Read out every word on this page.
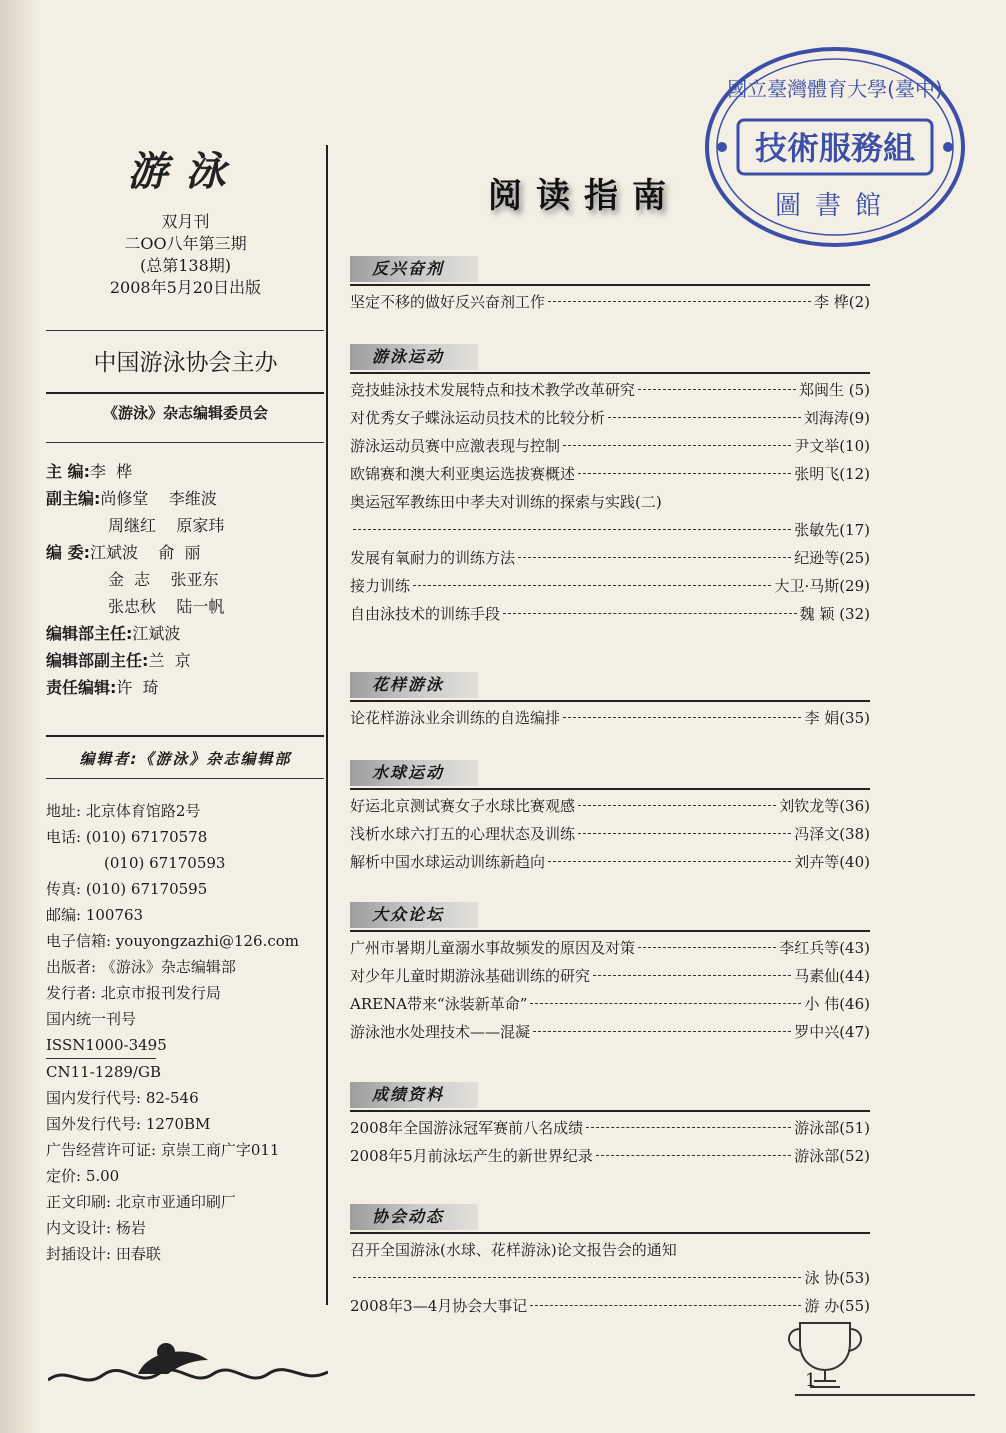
游泳
双月刊
二OO八年第三期
(总第138期)
2008年5月20日出版
中国游泳协会主办
《游泳》杂志编辑委员会
主 编:李  桦
副主编:尚修堂    李维波
周继红    原家玮
编 委:江斌波    俞  丽
金  志    张亚东
张忠秋    陆一帆
编辑部主任:江斌波
编辑部副主任:兰  京
责任编辑:许  琦
编辑者:《游泳》杂志编辑部
地址: 北京体育馆路2号
电话: (010) 67170578
(010) 67170593
传真: (010) 67170595
邮编: 100763
电子信箱: youyongzazhi@126.com
出版者: 《游泳》杂志编辑部
发行者: 北京市报刊发行局
国内统一刊号
ISSN1000-3495
CN11-1289/GB
国内发行代号: 82-546
国外发行代号: 1270BM
广告经营许可证: 京崇工商广字011
定价: 5.00
正文印刷: 北京市亚通印刷厂
内文设计: 杨岩
封插设计: 田春联
阅读指南
反兴奋剂
坚定不移的做好反兴奋剂工作	李 桦(2)
游泳运动
竞技蛙泳技术发展特点和技术教学改革研究	郑闽生 (5)
对优秀女子蝶泳运动员技术的比较分析	刘海涛(9)
游泳运动员赛中应激表现与控制	尹文举(10)
欧锦赛和澳大利亚奥运选拔赛概述	张明飞(12)
奥运冠军教练田中孝夫对训练的探索与实践(二)
张敏先(17)
发展有氧耐力的训练方法	纪逊等(25)
接力训练	大卫·马斯(29)
自由泳技术的训练手段	魏 颖 (32)
花样游泳
论花样游泳业余训练的自选编排	李 娟(35)
水球运动
好运北京测试赛女子水球比赛观感	刘钦龙等(36)
浅析水球六打五的心理状态及训练	冯泽文(38)
解析中国水球运动训练新趋向	刘卉等(40)
大众论坛
广州市暑期儿童溺水事故频发的原因及对策	李红兵等(43)
对少年儿童时期游泳基础训练的研究	马素仙(44)
ARENA带来“泳装新革命”	小 伟(46)
游泳池水处理技术——混凝	罗中兴(47)
成绩资料
2008年全国游泳冠军赛前八名成绩	游泳部(51)
2008年5月前泳坛产生的新世界纪录	游泳部(52)
协会动态
召开全国游泳(水球、花样游泳)论文报告会的通知
泳 协(53)
2008年3—4月协会大事记	游 办(55)
技術服務組
國立臺灣體育大學(臺中)
圖書館
1
